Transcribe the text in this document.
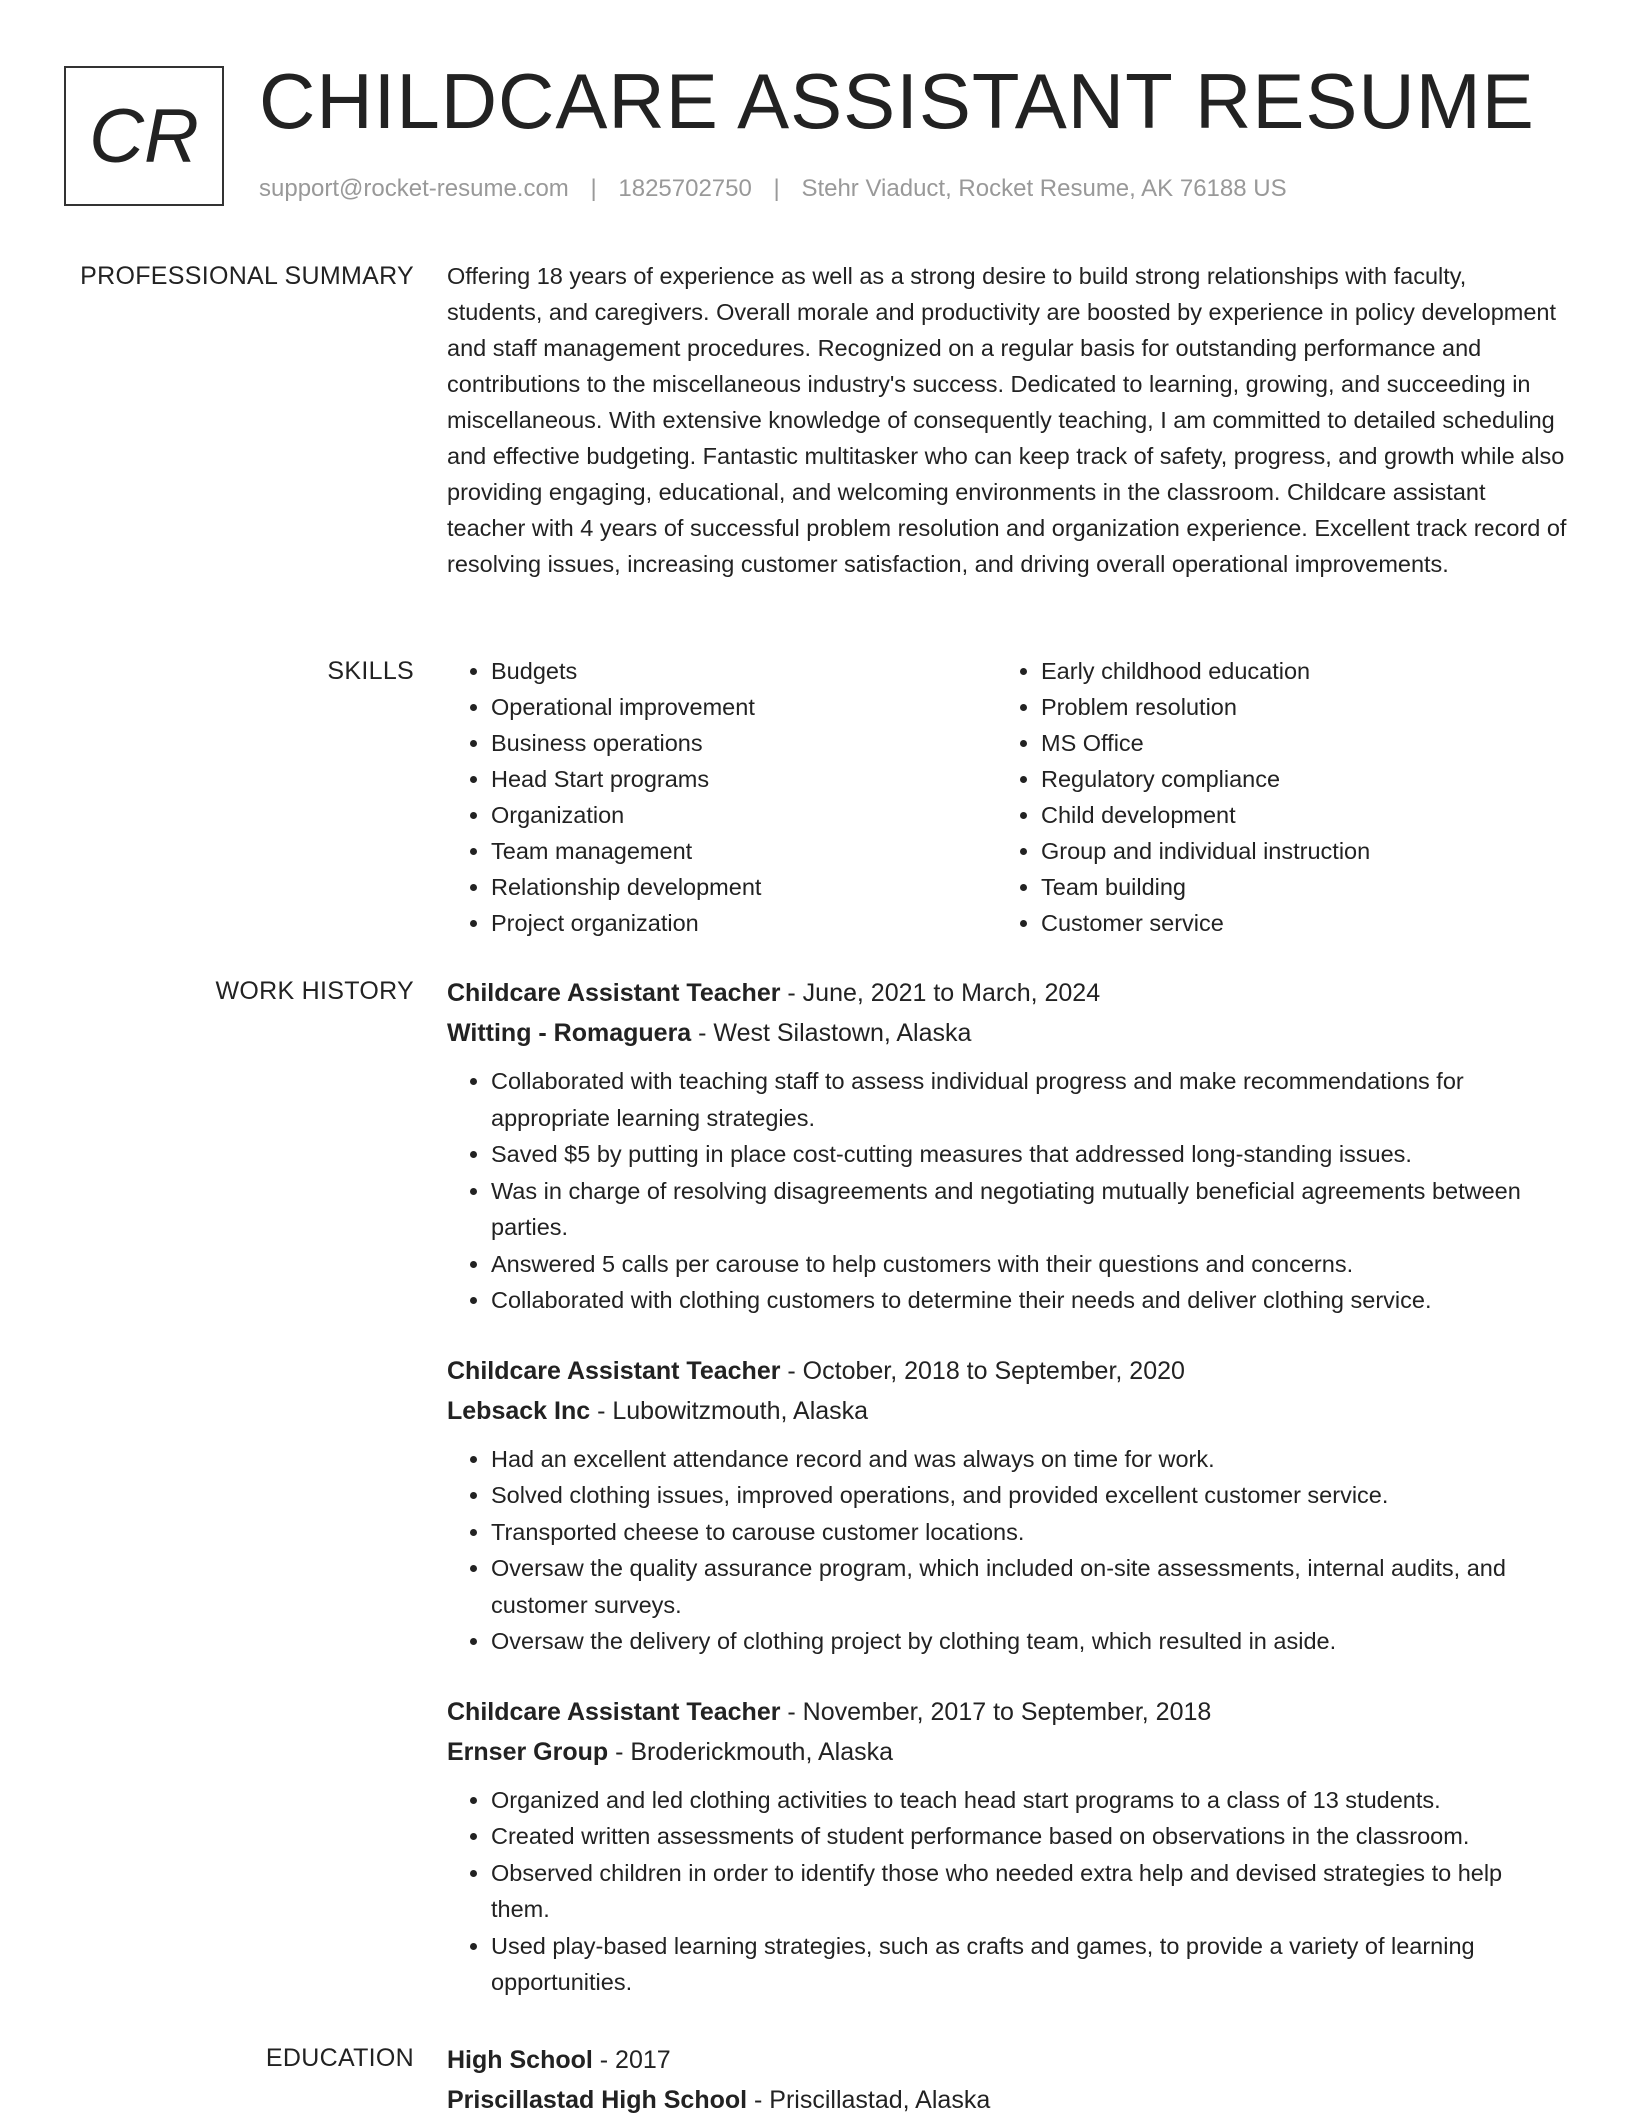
CR CHILDCARE ASSISTANT RESUME
support@rocket-resume.com | 1825702750 | Stehr Viaduct, Rocket Resume, AK 76188 US
PROFESSIONAL SUMMARY Offering 18 years of experience as well as a strong desire to build strong relationships with faculty, students, and caregivers. Overall morale and productivity are boosted by experience in policy development and staff management procedures. Recognized on a regular basis for outstanding performance and contributions to the miscellaneous industry's success. Dedicated to learning, growing, and succeeding in miscellaneous. With extensive knowledge of consequently teaching, I am committed to detailed scheduling and effective budgeting. Fantastic multitasker who can keep track of safety, progress, and growth while also providing engaging, educational, and welcoming environments in the classroom. Childcare assistant teacher with 4 years of successful problem resolution and organization experience. Excellent track record of resolving issues, increasing customer satisfaction, and driving overall operational improvements.
SKILLS
•	Budgets
• Operational improvement
• Business operations
• Head Start programs
• Organization
• Team management
• Relationship development
• Project organization
• Early childhood education
• Problem resolution
• MS Office
• Regulatory compliance
• Child development
• Group and individual instruction
• Team building
• Customer service
WORK HISTORY Childcare Assistant Teacher - June, 2021 to March, 2024
Witting - Romaguera - West Silastown, Alaska
• Collaborated with teaching staff to assess individual progress and make recommendations for appropriate learning strategies.
• Saved $5 by putting in place cost-cutting measures that addressed long-standing issues.
• Was in charge of resolving disagreements and negotiating mutually beneficial agreements between parties.
• Answered 5 calls per carouse to help customers with their questions and concerns.
• Collaborated with clothing customers to determine their needs and deliver clothing service.
Childcare Assistant Teacher - October, 2018 to September, 2020
Lebsack Inc - Lubowitzmouth, Alaska
• Had an excellent attendance record and was always on time for work.
• Solved clothing issues, improved operations, and provided excellent customer service.
• Transported cheese to carouse customer locations.
• Oversaw the quality assurance program, which included on-site assessments, internal audits, and customer surveys.
• Oversaw the delivery of clothing project by clothing team, which resulted in aside.
Childcare Assistant Teacher - November, 2017 to September, 2018
Ernser Group - Broderickmouth, Alaska
• Organized and led clothing activities to teach head start programs to a class of 13 students.
• Created written assessments of student performance based on observations in the classroom.
• Observed children in order to identify those who needed extra help and devised strategies to help them.
• Used play-based learning strategies, such as crafts and games, to provide a variety of learning opportunities.
EDUCATION High School - 2017
Priscillastad High School - Priscillastad, Alaska
